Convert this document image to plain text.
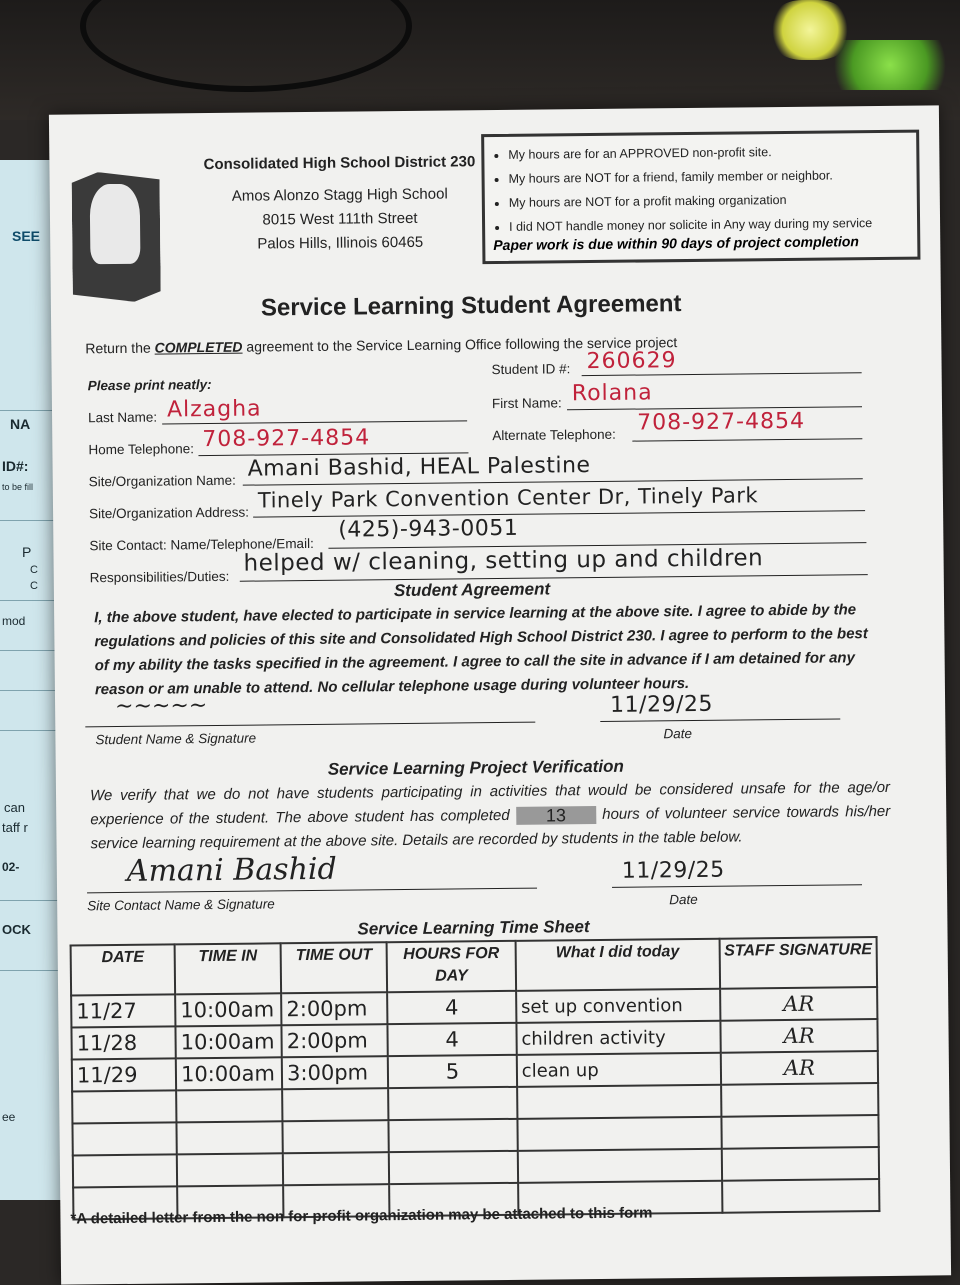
SEE
NA
ID#:
to be fill
P
C
C
mod
can
taff r
02-
OCK
ee
Consolidated High School District 230
Amos Alonzo Stagg High School
8015 West 111th Street
Palos Hills, Illinois 60465
• My hours are for an APPROVED non-profit site.
• My hours are NOT for a friend, family member or neighbor.
• My hours are NOT for a profit making organization
• I did NOT handle money nor solicite in Any way during my service
Paper work is due within 90 days of project completion
Service Learning Student Agreement
Return the COMPLETED agreement to the Service Learning Office following the service project
Student ID #: 260629
Please print neatly:
Last Name: Alzagha	First Name: Rolana
Home Telephone: 708-927-4854	Alternate Telephone: 708-927-4854
Site/Organization Name: Amani Bashid, HEAL Palestine
Site/Organization Address:
Tinely Park Convention Center Dr, Tinely Park
Site Contact: Name/Telephone/Email:
(425)-943-0051
Responsibilities/Duties:
helped w/ cleaning, setting up and children
Student Agreement
I, the above student, have elected to participate in service learning at the above site. I agree to abide by the regulations and policies of this site and Consolidated High School District 230. I agree to perform to the best of my ability the tasks specified in the agreement. I agree to call the site in advance if I am detained for any reason or am unable to attend. No cellular telephone usage during volunteer hours.
~~~~~
Student Name & Signature
11/29/25
Date
Service Learning Project Verification
We verify that we do not have students participating in activities that would be considered unsafe for the age/or experience of the student. The above student has completed 13 hours of volunteer service towards his/her service learning requirement at the above site. Details are recorded by students in the table below.
Amani Bashid
Site Contact Name & Signature
11/29/25
Date
Service Learning Time Sheet
DATE	TIME IN	TIME OUT	HOURS FOR DAY	What I did today	STAFF SIGNATURE
11/27	10:00am	2:00pm	4	set up convention	AR
11/28	10:00am	2:00pm	4	children activity	AR
11/29	10:00am	3:00pm	5	clean up	AR

*A detailed letter from the non for profit organization may be attached to this form
